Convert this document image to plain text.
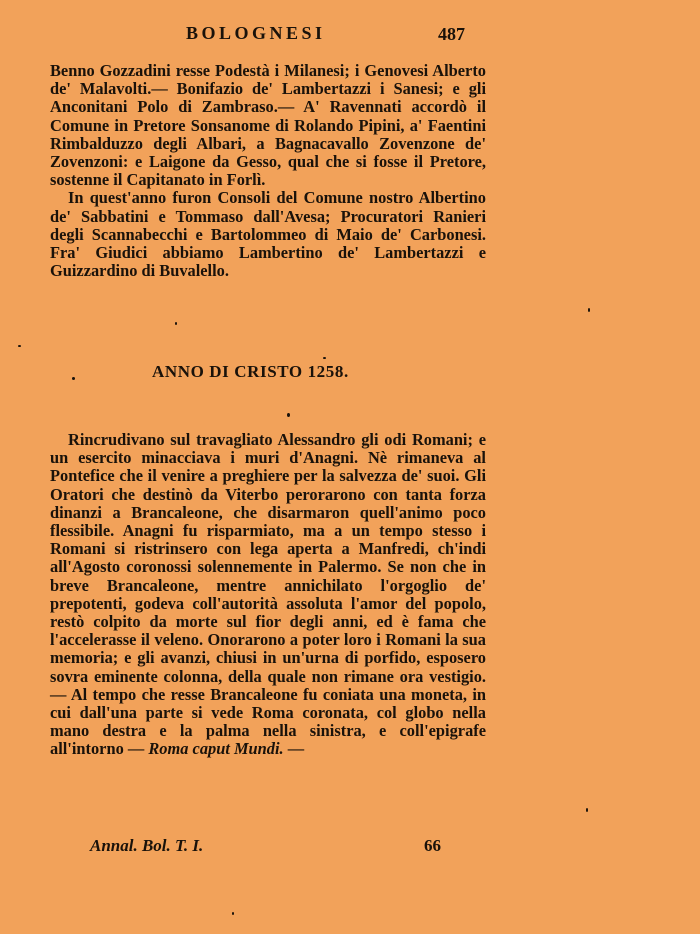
BOLOGNESI	487

Benno Gozzadini resse Podestà i Milanesi; i Genovesi Alberto de' Malavolti.— Bonifazio de' Lambertazzi i Sanesi; e gli Anconitani Polo di Zambraso.— A' Ravennati accordò il Comune in Pretore Sonsanome di Rolando Pipini, a' Faentini Rimbalduzzo degli Albari, a Bagnacavallo Zovenzone de' Zovenzoni: e Laigone da Gesso, qual che si fosse il Pretore, sostenne il Capitanato in Forlì.

In quest'anno furon Consoli del Comune nostro Albertino de' Sabbatini e Tommaso dall'Avesa; Procuratori Ranieri degli Scannabecchi e Bartolommeo di Maio de' Carbonesi. Fra' Giudici abbiamo Lambertino de' Lambertazzi e Guizzardino di Buvalello.

ANNO DI CRISTO 1258.

Rincrudivano sul travagliato Alessandro gli odi Romani; e un esercito minacciava i muri d'Anagni. Nè rimaneva al Pontefice che il venire a preghiere per la salvezza de' suoi. Gli Oratori che destinò da Viterbo perorarono con tanta forza dinanzi a Brancaleone, che disarmaron quell'animo poco flessibile. Anagni fu risparmiato, ma a un tempo stesso i Romani si ristrinsero con lega aperta a Manfredi, ch'indi all'Agosto coronossi solennemente in Palermo. Se non che in breve Brancaleone, mentre annichilato l'orgoglio de' prepotenti, godeva coll'autorità assoluta l'amor del popolo, restò colpito da morte sul fior degli anni, ed è fama che l'accelerasse il veleno. Onorarono a poter loro i Romani la sua memoria; e gli avanzi, chiusi in un'urna di porfido, esposero sovra eminente colonna, della quale non rimane ora vestigio. — Al tempo che resse Brancaleone fu coniata una moneta, in cui dall'una parte si vede Roma coronata, col globo nella mano destra e la palma nella sinistra, e coll'epigrafe all'intorno — Roma caput Mundi. —

Annal. Bol. T. I.	66
